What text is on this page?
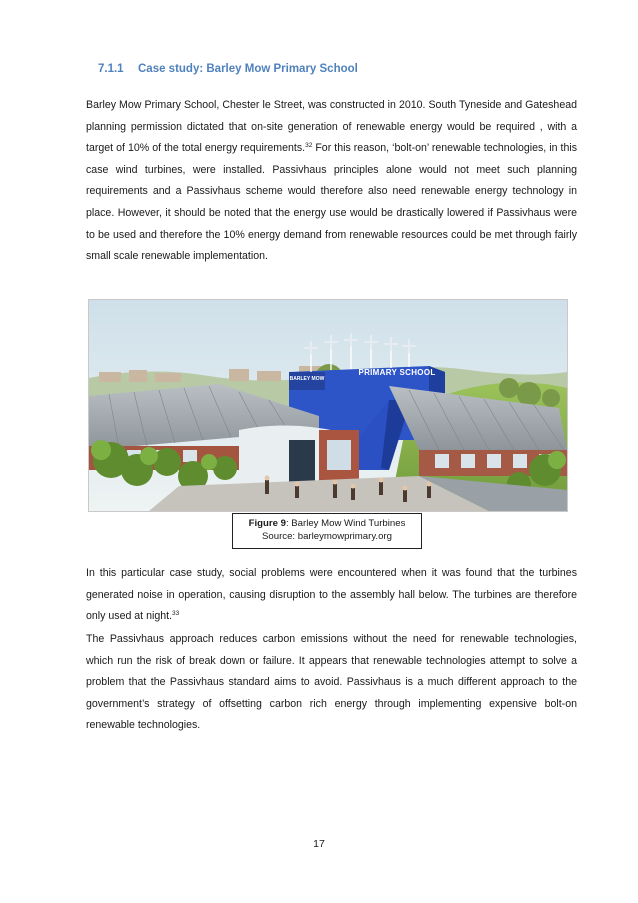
7.1.1 Case study: Barley Mow Primary School

Barley Mow Primary School, Chester le Street, was constructed in 2010. South Tyneside and Gateshead planning permission dictated that on-site generation of renewable energy would be required , with a target of 10% of the total energy requirements.$^{32}$ For this reason, ‘bolt-on’ renewable technologies, in this case wind turbines, were installed. Passivhaus principles alone would not meet such planning requirements and a Passivhaus scheme would therefore also need renewable energy technology in place. However, it should be noted that the energy use would be drastically lowered if Passivhaus were to be used and therefore the 10% energy demand from renewable resources could be met through fairly small scale renewable implementation.

PRIMARY SCHOOL
BARLEY MOW
Figure 9: Barley Mow Wind Turbines
Source: barleymowprimary.org

In this particular case study, social problems were encountered when it was found that the turbines generated noise in operation, causing disruption to the assembly hall below. The turbines are therefore only used at night.$^{33}$

The Passivhaus approach reduces carbon emissions without the need for renewable technologies, which run the risk of break down or failure. It appears that renewable technologies attempt to solve a problem that the Passivhaus standard aims to avoid. Passivhaus is a much different approach to the government’s strategy of offsetting carbon rich energy through implementing expensive bolt-on renewable technologies.

17
